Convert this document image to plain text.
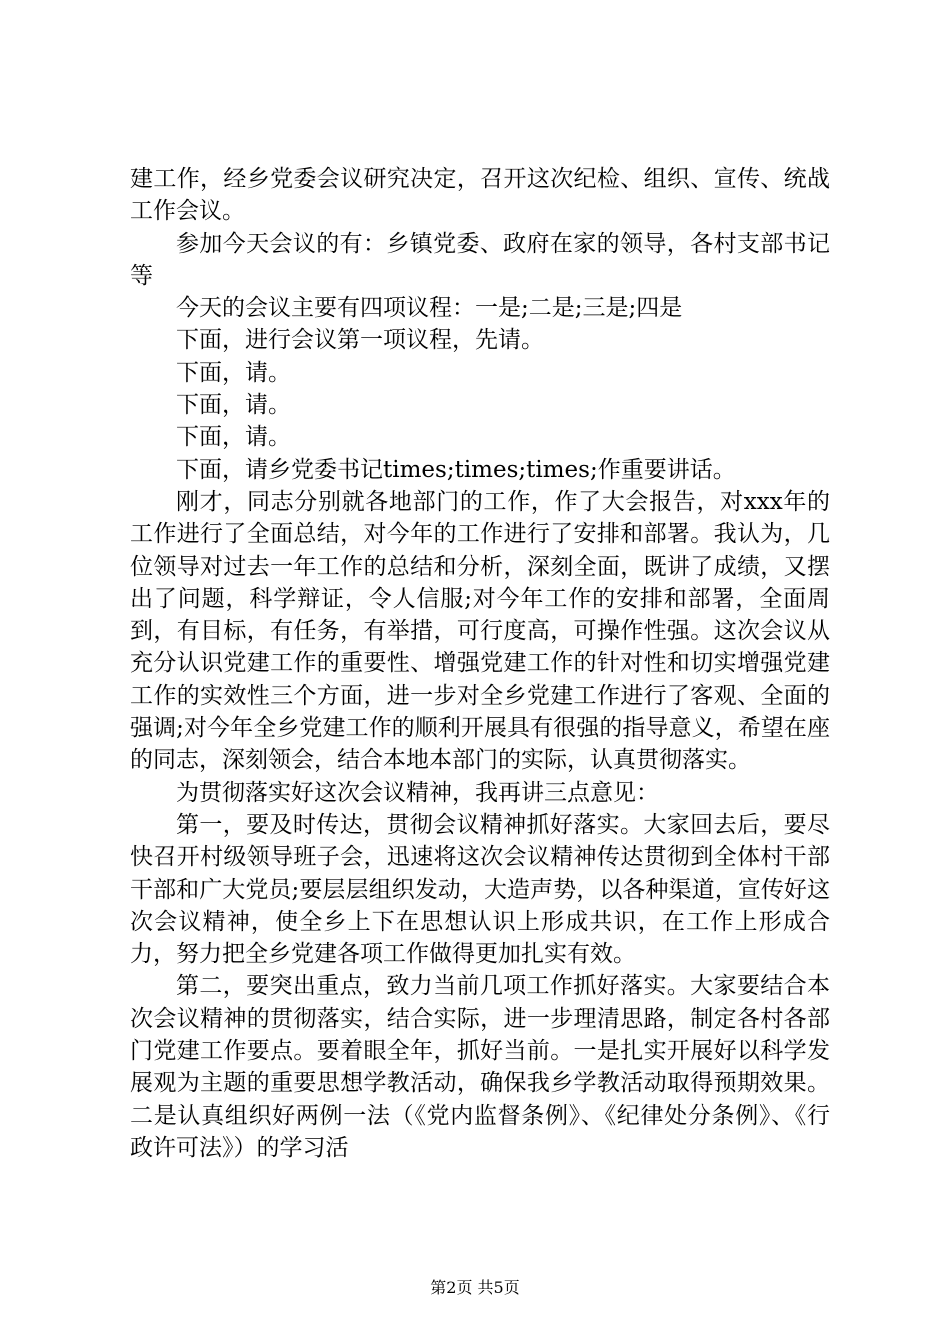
建工作，经乡党委会议研究决定，召开这次纪检、组织、宣传、统战工作会议。

参加今天会议的有：乡镇党委、政府在家的领导，各村支部书记等

今天的会议主要有四项议程：一是;二是;三是;四是

下面，进行会议第一项议程，先请。

下面，请。

下面，请。

下面，请。

下面，请乡党委书记times;times;times;作重要讲话。

刚才，同志分别就各地部门的工作，作了大会报告，对xxx年的工作进行了全面总结，对今年的工作进行了安排和部署。我认为，几位领导对过去一年工作的总结和分析，深刻全面，既讲了成绩，又摆出了问题，科学辩证，令人信服;对今年工作的安排和部署，全面周到，有目标，有任务，有举措，可行度高，可操作性强。这次会议从充分认识党建工作的重要性、增强党建工作的针对性和切实增强党建工作的实效性三个方面，进一步对全乡党建工作进行了客观、全面的强调;对今年全乡党建工作的顺利开展具有很强的指导意义，希望在座的同志，深刻领会，结合本地本部门的实际，认真贯彻落实。

为贯彻落实好这次会议精神，我再讲三点意见：

第一，要及时传达，贯彻会议精神抓好落实。大家回去后，要尽快召开村级领导班子会，迅速将这次会议精神传达贯彻到全体村干部干部和广大党员;要层层组织发动，大造声势，以各种渠道，宣传好这次会议精神，使全乡上下在思想认识上形成共识，在工作上形成合力，努力把全乡党建各项工作做得更加扎实有效。

第二，要突出重点，致力当前几项工作抓好落实。大家要结合本次会议精神的贯彻落实，结合实际，进一步理清思路，制定各村各部门党建工作要点。要着眼全年，抓好当前。一是扎实开展好以科学发展观为主题的重要思想学教活动，确保我乡学教活动取得预期效果。二是认真组织好两例一法（《党内监督条例》、《纪律处分条例》、《行政许可法》）的学习活

第2页 共5页
